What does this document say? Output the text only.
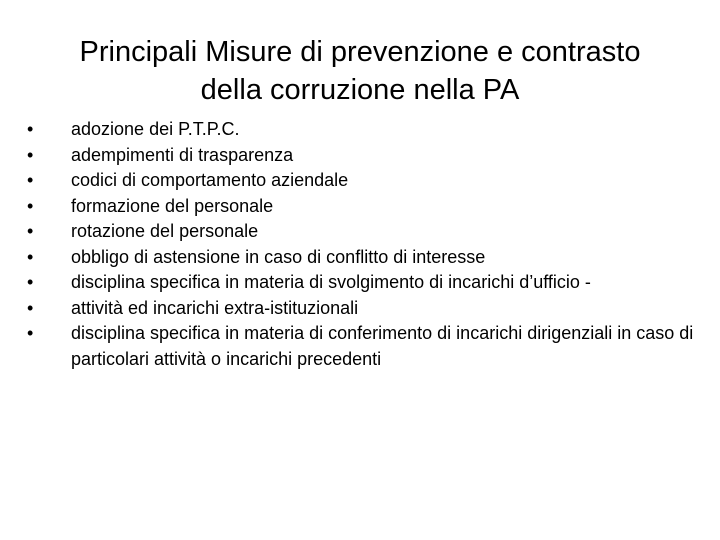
Principali Misure di prevenzione e contrasto
della corruzione nella PA
•	adozione dei P.T.P.C.
•	adempimenti di trasparenza
•	codici di comportamento aziendale
•	formazione del personale
•	rotazione del personale
•	obbligo di astensione in caso di conflitto di interesse
•	disciplina specifica in materia di svolgimento di incarichi d’ufficio -
•	attività ed incarichi extra-istituzionali
•	disciplina specifica in materia di conferimento di incarichi dirigenziali in caso di particolari attività o incarichi precedenti
